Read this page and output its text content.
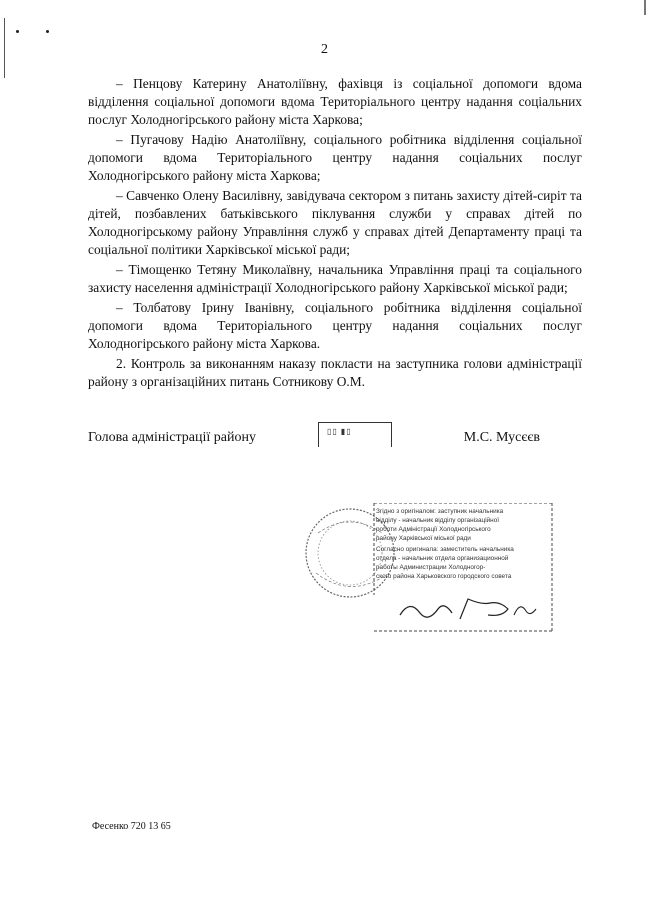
2

– Пенцову Катерину Анатоліївну, фахівця із соціальної допомоги вдома відділення соціальної допомоги вдома Територіального центру надання соціальних послуг Холодногірського району міста Харкова;

– Пугачову Надію Анатоліївну, соціального робітника відділення соціальної допомоги вдома Територіального центру надання соціальних послуг Холодногірського району міста Харкова;

– Савченко Олену Василівну, завідувача сектором з питань захисту дітей-сиріт та дітей, позбавлених батьківського піклування служби у справах дітей по Холодногірському району Управління служб у справах дітей Департаменту праці та соціальної політики Харківської міської ради;

– Тімощенко Тетяну Миколаївну, начальника Управління праці та соціального захисту населення адміністрації Холодногірського району Харківської міської ради;

– Толбатову Ірину Іванівну, соціального робітника відділення соціальної допомоги вдома Територіального центру надання соціальних послуг Холодногірського району міста Харкова.

2. Контроль за виконанням наказу покласти на заступника голови адміністрації району з організаційних питань Сотникову О.М.

Голова адміністрації району	▯▯ ▮▯	М.С. Мусєєв
Згідно з оригіналом: заступник начальника
відділу - начальник відділу організаційної
роботи Адміністрації Холодногірського
району Харківської міської ради
Согласно оригинала: заместитель начальника
отдела - начальник отдела организационной
работы Администрации Холодногор-
ского района Харьковского городского совета
Фесенко 720 13 65
